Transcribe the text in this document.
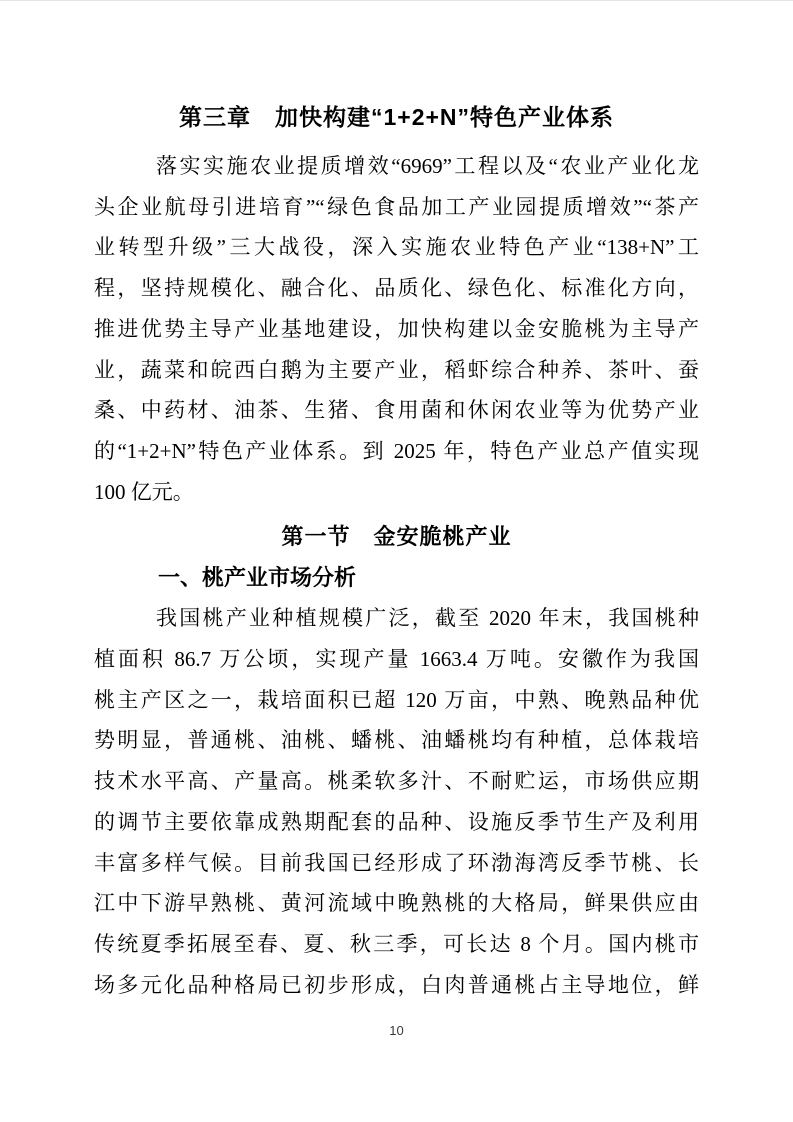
第三章　加快构建“1+2+N”特色产业体系
落实实施农业提质增效“6969”工程以及“农业产业化龙
头企业航母引进培育”“绿色食品加工产业园提质增效”“茶产
业转型升级”三大战役，深入实施农业特色产业“138+N”工
程，坚持规模化、融合化、品质化、绿色化、标准化方向，
推进优势主导产业基地建设，加快构建以金安脆桃为主导产
业，蔬菜和皖西白鹅为主要产业，稻虾综合种养、茶叶、蚕
桑、中药材、油茶、生猪、食用菌和休闲农业等为优势产业
的“1+2+N”特色产业体系。到 2025 年，特色产业总产值实现
100 亿元。
第一节　金安脆桃产业
一、桃产业市场分析
我国桃产业种植规模广泛，截至 2020 年末，我国桃种
植面积 86.7 万公顷，实现产量 1663.4 万吨。安徽作为我国
桃主产区之一，栽培面积已超 120 万亩，中熟、晚熟品种优
势明显，普通桃、油桃、蟠桃、油蟠桃均有种植，总体栽培
技术水平高、产量高。桃柔软多汁、不耐贮运，市场供应期
的调节主要依靠成熟期配套的品种、设施反季节生产及利用
丰富多样气候。目前我国已经形成了环渤海湾反季节桃、长
江中下游早熟桃、黄河流域中晚熟桃的大格局，鲜果供应由
传统夏季拓展至春、夏、秋三季，可长达 8 个月。国内桃市
场多元化品种格局已初步形成，白肉普通桃占主导地位，鲜
10
